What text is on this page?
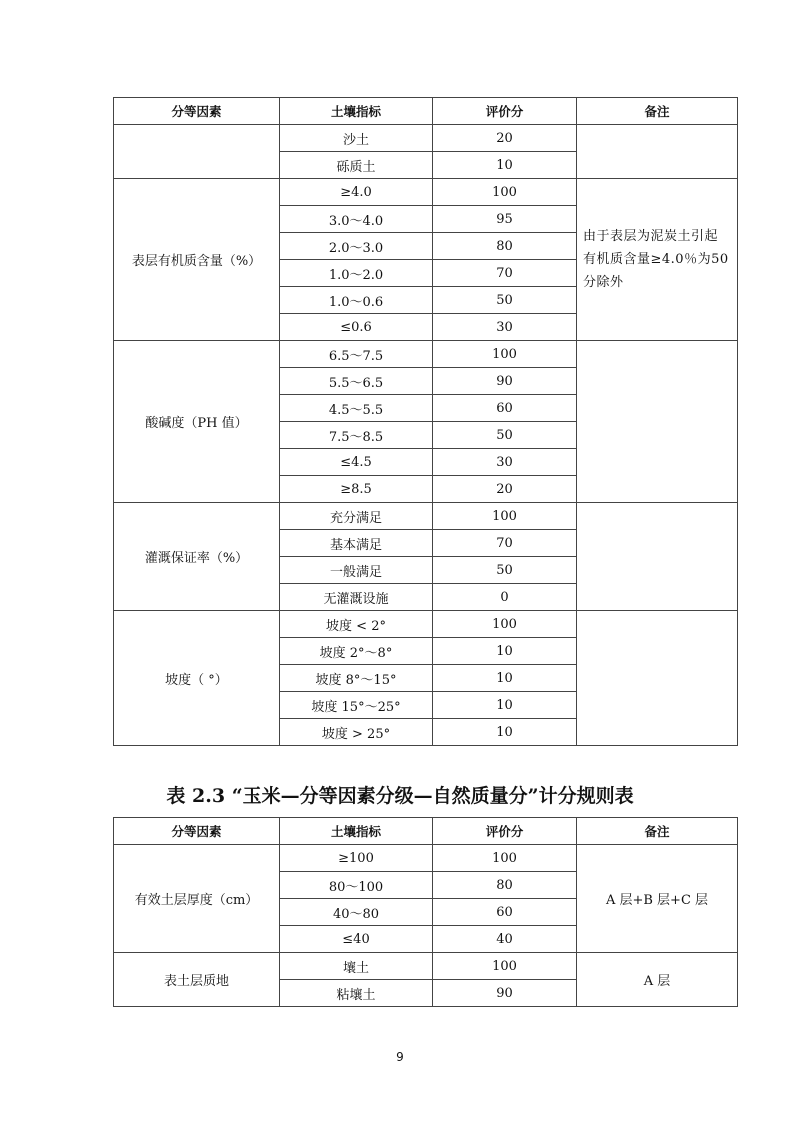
分等因素	土壤指标	评价分	备注
	沙土	20	
	砾质土	10	
表层有机质含量（%）	≥4.0	100	由于表层为泥炭土引起有机质含量≥4.0％为50分除外
	3.0～4.0	95	
	2.0～3.0	80	
	1.0～2.0	70	
	1.0～0.6	50	
	≤0.6	30	
酸碱度（PH 值）	6.5～7.5	100	
	5.5～6.5	90	
	4.5～5.5	60	
	7.5～8.5	50	
	≤4.5	30	
	≥8.5	20	
灌溉保证率（%）	充分满足	100	
	基本满足	70	
	一般满足	50	
	无灌溉设施	0	
坡度（ °）	坡度 < 2°	100	
	坡度 2°～8°	10	
	坡度 8°～15°	10	
	坡度 15°～25°	10	
	坡度 > 25°	10	
表 2.3 “玉米—分等因素分级—自然质量分”计分规则表
分等因素	土壤指标	评价分	备注
有效土层厚度（cm）	≥100	100	A 层+B 层+C 层
	80～100	80	
	40～80	60	
	≤40	40	
表土层质地	壤土	100	A 层
	粘壤土	90	
9
